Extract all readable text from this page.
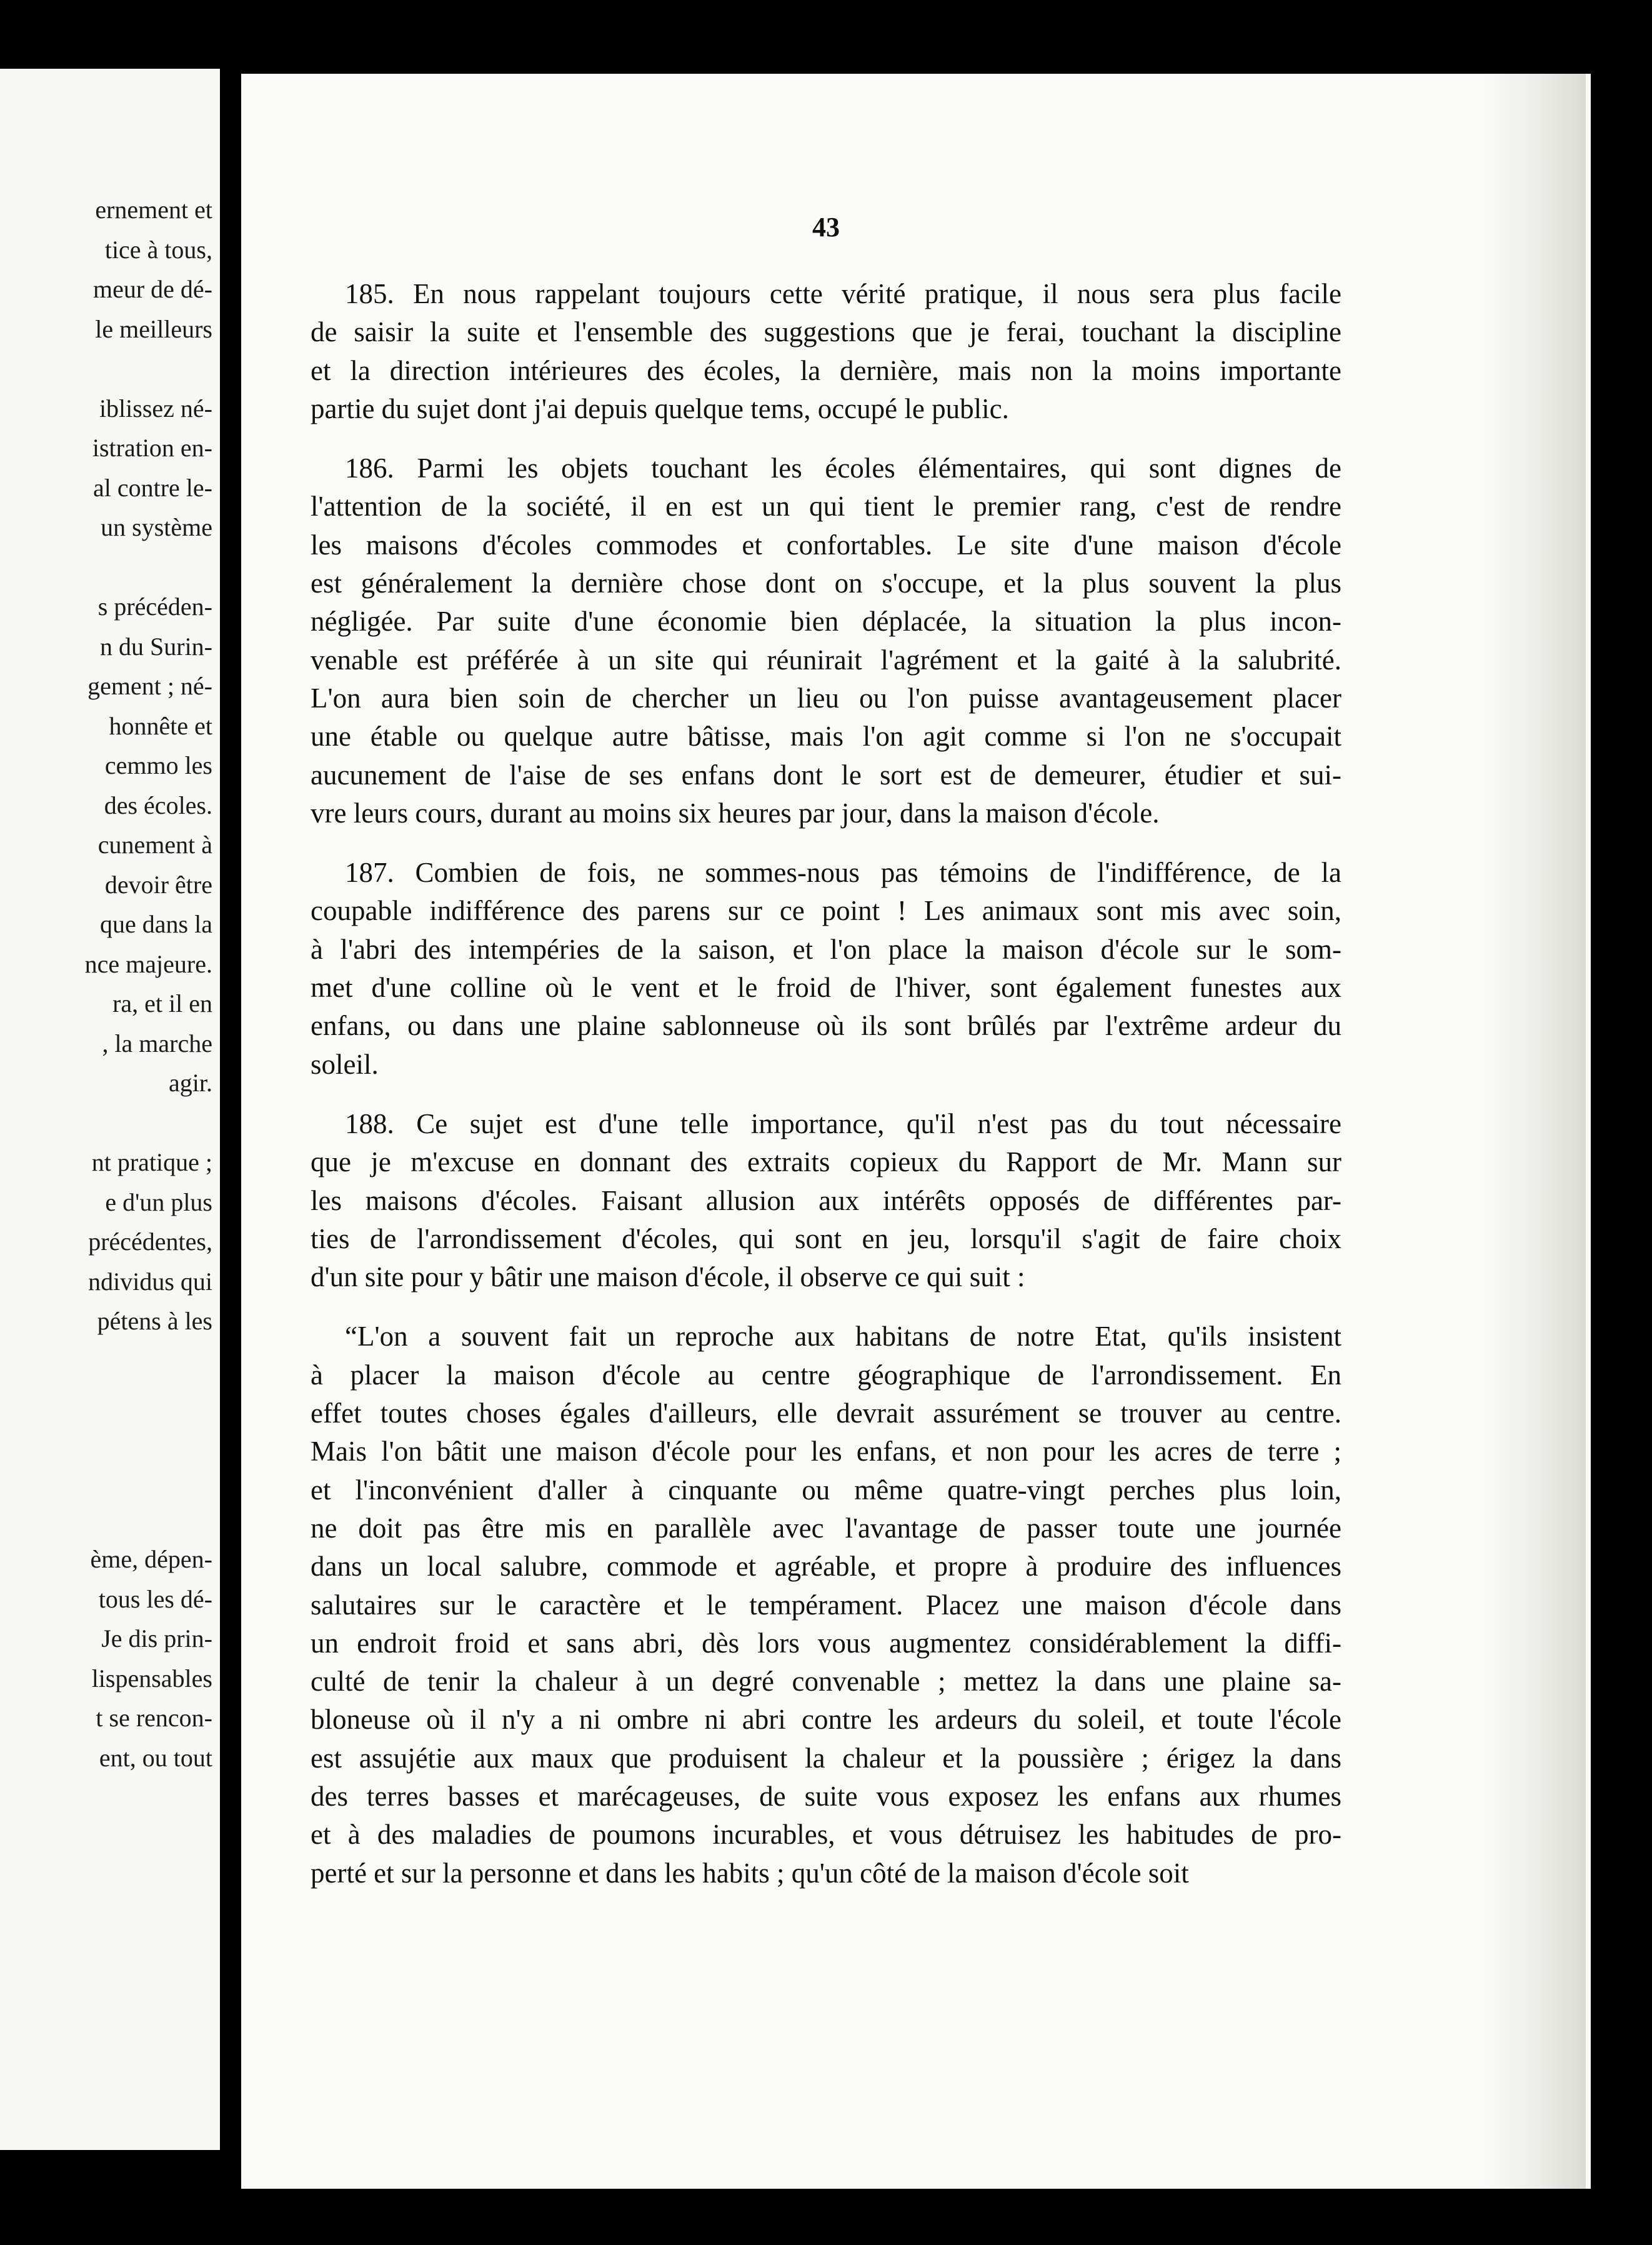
ernement et
tice à tous,
meur de dé-
le meilleurs
iblissez né-
istration en-
al contre le-
un système
s précéden-
n du Surin-
gement ; né-
honnête et
cemmo les
des écoles.
cunement à
devoir être
que dans la
nce majeure.
ra, et il en
, la marche
agir.
nt pratique ;
e d'un plus
précédentes,
ndividus qui
pétens à les
ème, dépen-
tous les dé-
Je dis prin-
lispensables
t se rencon-
ent, ou tout
43
185. En nous rappelant toujours cette vérité pratique, il nous sera plus facile
de saisir la suite et l'ensemble des suggestions que je ferai, touchant la discipline
et la direction intérieures des écoles, la dernière, mais non la moins importante
partie du sujet dont j'ai depuis quelque tems, occupé le public.
186. Parmi les objets touchant les écoles élémentaires, qui sont dignes de
l'attention de la société, il en est un qui tient le premier rang, c'est de rendre
les maisons d'écoles commodes et confortables. Le site d'une maison d'école
est généralement la dernière chose dont on s'occupe, et la plus souvent la plus
négligée. Par suite d'une économie bien déplacée, la situation la plus incon-
venable est préférée à un site qui réunirait l'agrément et la gaité à la salubrité.
L'on aura bien soin de chercher un lieu ou l'on puisse avantageusement placer
une étable ou quelque autre bâtisse, mais l'on agit comme si l'on ne s'occupait
aucunement de l'aise de ses enfans dont le sort est de demeurer, étudier et sui-
vre leurs cours, durant au moins six heures par jour, dans la maison d'école.
187. Combien de fois, ne sommes-nous pas témoins de l'indifférence, de la
coupable indifférence des parens sur ce point ! Les animaux sont mis avec soin,
à l'abri des intempéries de la saison, et l'on place la maison d'école sur le som-
met d'une colline où le vent et le froid de l'hiver, sont également funestes aux
enfans, ou dans une plaine sablonneuse où ils sont brûlés par l'extrême ardeur du
soleil.
188. Ce sujet est d'une telle importance, qu'il n'est pas du tout nécessaire
que je m'excuse en donnant des extraits copieux du Rapport de Mr. Mann sur
les maisons d'écoles. Faisant allusion aux intérêts opposés de différentes par-
ties de l'arrondissement d'écoles, qui sont en jeu, lorsqu'il s'agit de faire choix
d'un site pour y bâtir une maison d'école, il observe ce qui suit :
“L'on a souvent fait un reproche aux habitans de notre Etat, qu'ils insistent
à placer la maison d'école au centre géographique de l'arrondissement. En
effet toutes choses égales d'ailleurs, elle devrait assurément se trouver au centre.
Mais l'on bâtit une maison d'école pour les enfans, et non pour les acres de terre ;
et l'inconvénient d'aller à cinquante ou même quatre-vingt perches plus loin,
ne doit pas être mis en parallèle avec l'avantage de passer toute une journée
dans un local salubre, commode et agréable, et propre à produire des influences
salutaires sur le caractère et le tempérament. Placez une maison d'école dans
un endroit froid et sans abri, dès lors vous augmentez considérablement la diffi-
culté de tenir la chaleur à un degré convenable ; mettez la dans une plaine sa-
bloneuse où il n'y a ni ombre ni abri contre les ardeurs du soleil, et toute l'école
est assujétie aux maux que produisent la chaleur et la poussière ; érigez la dans
des terres basses et marécageuses, de suite vous exposez les enfans aux rhumes
et à des maladies de poumons incurables, et vous détruisez les habitudes de pro-
perté et sur la personne et dans les habits ; qu'un côté de la maison d'école soit
